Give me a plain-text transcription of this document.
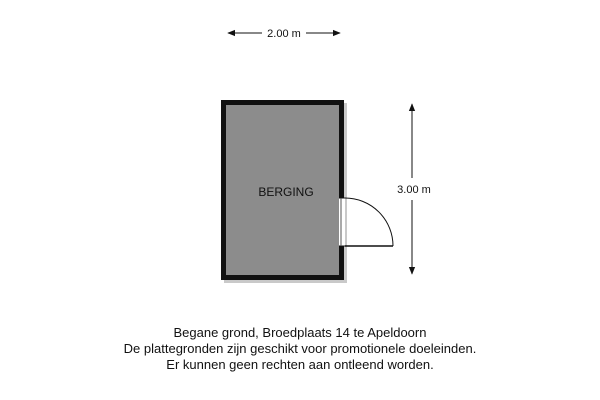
2.00 m
3.00 m
BERGING
Begane grond, Broedplaats 14 te Apeldoorn
De plattegronden zijn geschikt voor promotionele doeleinden.
Er kunnen geen rechten aan ontleend worden.
